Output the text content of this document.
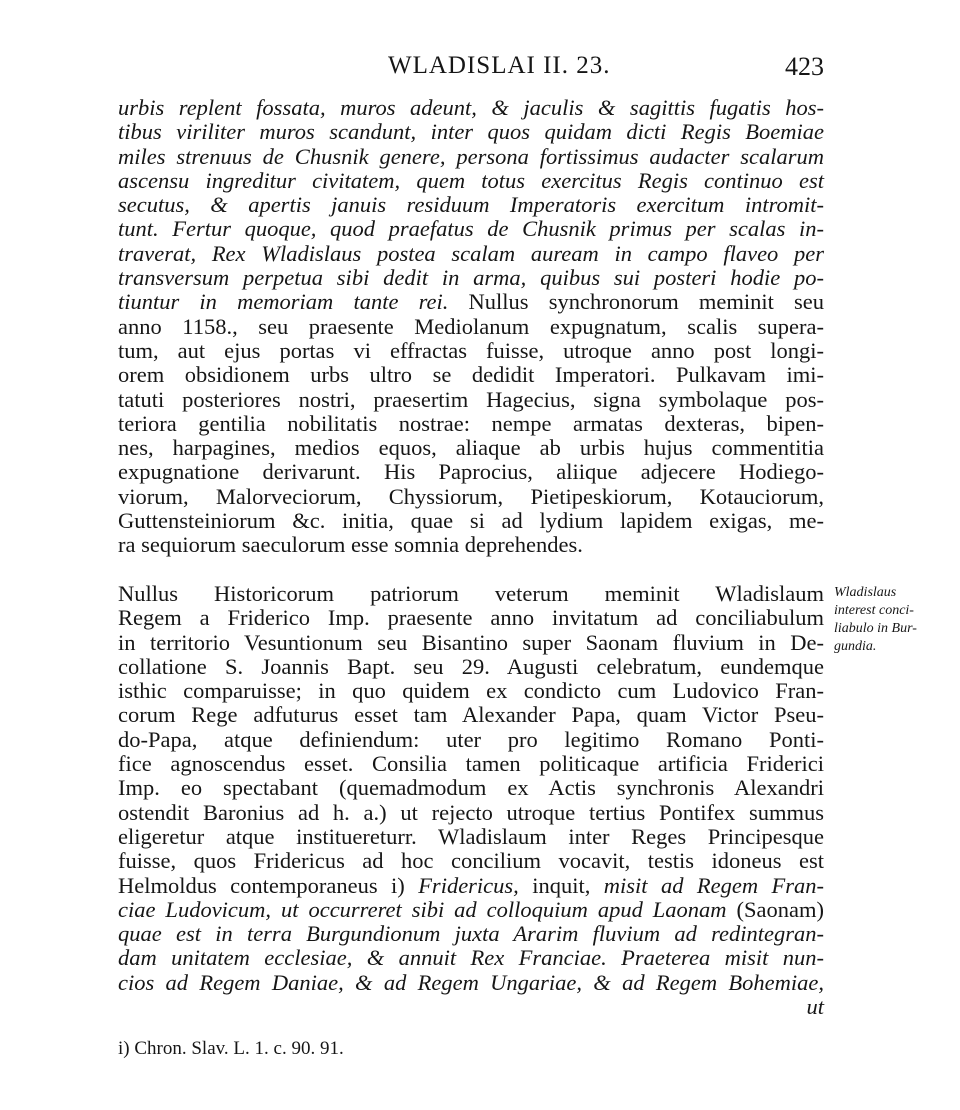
WLADISLAI II. 23.	423
urbis replent fossata, muros adeunt, & jaculis & sagittis fugatis hos-
tibus viriliter muros scandunt, inter quos quidam dicti Regis Boemiae
miles strenuus de Chusnik genere, persona fortissimus audacter scalarum
ascensu ingreditur civitatem, quem totus exercitus Regis continuo est
secutus, & apertis januis residuum Imperatoris exercitum intromit-
tunt. Fertur quoque, quod praefatus de Chusnik primus per scalas in-
traverat, Rex Wladislaus postea scalam auream in campo flaveo per
transversum perpetua sibi dedit in arma, quibus sui posteri hodie po-
tiuntur in memoriam tante rei. Nullus synchronorum meminit seu
anno 1158., seu praesente Mediolanum expugnatum, scalis supera-
tum, aut ejus portas vi effractas fuisse, utroque anno post longi-
orem obsidionem urbs ultro se dedidit Imperatori. Pulkavam imi-
tatuti posteriores nostri, praesertim Hagecius, signa symbolaque pos-
teriora gentilia nobilitatis nostrae: nempe armatas dexteras, bipen-
nes, harpagines, medios equos, aliaque ab urbis hujus commentitia
expugnatione derivarunt. His Paprocius, aliique adjecere Hodiego-
viorum, Malorveciorum, Chyssiorum, Pietipeskiorum, Kotauciorum,
Guttensteiniorum &c. initia, quae si ad lydium lapidem exigas, me-
ra sequiorum saeculorum esse somnia deprehendes.
Nullus Historicorum patriorum veterum meminit Wladislaum
Regem a Friderico Imp. praesente anno invitatum ad conciliabulum
in territorio Vesuntionum seu Bisantino super Saonam fluvium in De-
collatione S. Joannis Bapt. seu 29. Augusti celebratum, eundemque
isthic comparuisse; in quo quidem ex condicto cum Ludovico Fran-
corum Rege adfuturus esset tam Alexander Papa, quam Victor Pseu-
do-Papa, atque definiendum: uter pro legitimo Romano Ponti-
fice agnoscendus esset. Consilia tamen politicaque artificia Friderici
Imp. eo spectabant (quemadmodum ex Actis synchronis Alexandri
ostendit Baronius ad h. a.) ut rejecto utroque tertius Pontifex summus
eligeretur atque instituereturr. Wladislaum inter Reges Principesque
fuisse, quos Fridericus ad hoc concilium vocavit, testis idoneus est
Helmoldus contemporaneus i) Fridericus, inquit, misit ad Regem Fran-
ciae Ludovicum, ut occurreret sibi ad colloquium apud Laonam (Saonam)
quae est in terra Burgundionum juxta Ararim fluvium ad redintegran-
dam unitatem ecclesiae, & annuit Rex Franciae. Praeterea misit nun-
cios ad Regem Daniae, & ad Regem Ungariae, & ad Regem Bohemiae,
ut
Wladislaus
interest conci-
liabulo in Bur-
gundia.
i) Chron. Slav. L. 1. c. 90. 91.
